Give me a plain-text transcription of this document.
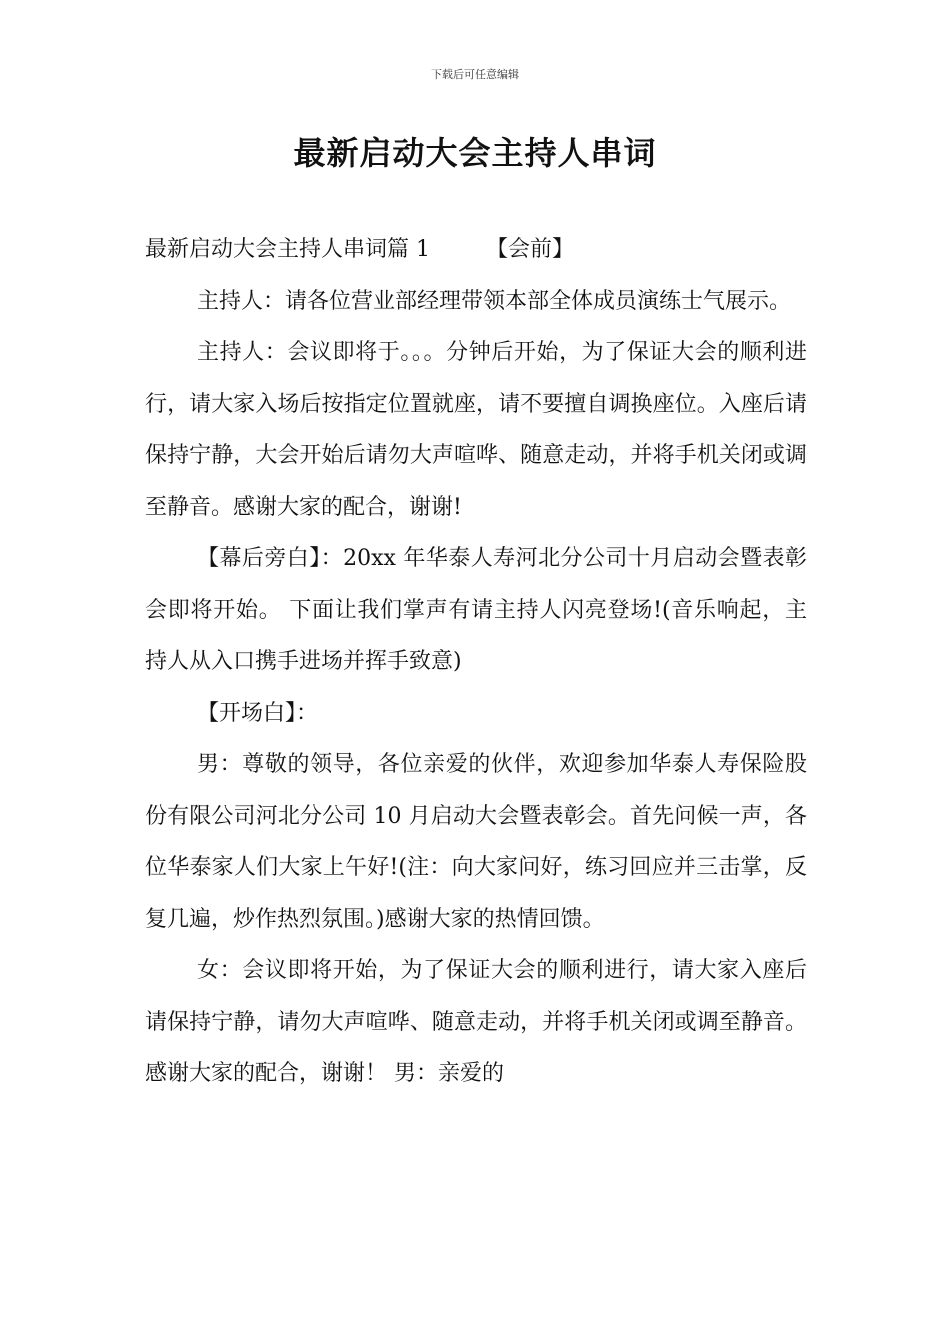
下载后可任意编辑
最新启动大会主持人串词

最新启动大会主持人串词篇 1	【会前】

主持人：请各位营业部经理带领本部全体成员演练士气展示。

主持人：会议即将于。。。分钟后开始，为了保证大会的顺利进行，请大家入场后按指定位置就座，请不要擅自调换座位。入座后请保持宁静，大会开始后请勿大声喧哗、随意走动，并将手机关闭或调至静音。感谢大家的配合，谢谢!

【幕后旁白】：20xx 年华泰人寿河北分公司十月启动会暨表彰会即将开始。 下面让我们掌声有请主持人闪亮登场!(音乐响起，主持人从入口携手进场并挥手致意)

【开场白】：

男：尊敬的领导，各位亲爱的伙伴，欢迎参加华泰人寿保险股份有限公司河北分公司 10 月启动大会暨表彰会。首先问候一声，各位华泰家人们大家上午好!(注：向大家问好，练习回应并三击掌，反复几遍，炒作热烈氛围。)感谢大家的热情回馈。

女：会议即将开始，为了保证大会的顺利进行，请大家入座后请保持宁静，请勿大声喧哗、随意走动，并将手机关闭或调至静音。感谢大家的配合，谢谢！ 男：亲爱的
